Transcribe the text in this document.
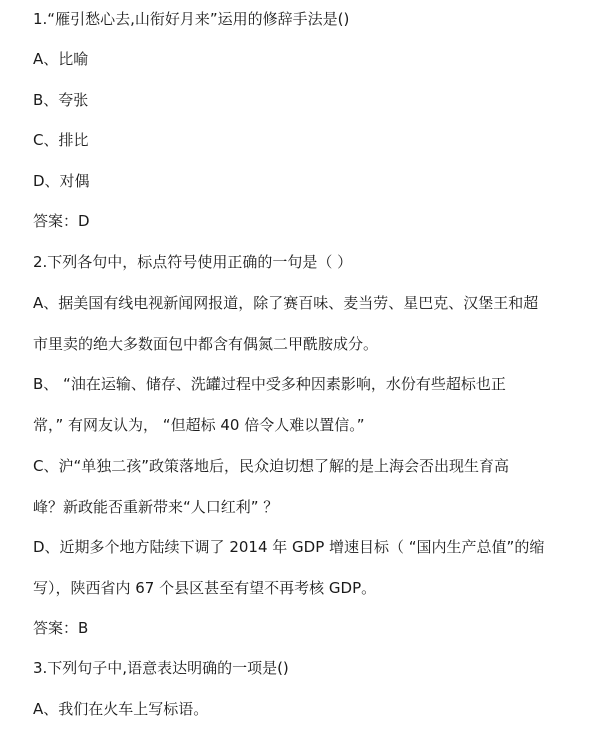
1.“雁引愁心去,山衔好月来”运用的修辞手法是()
A、比喻
B、夸张
C、排比
D、对偶
答案：D
2.下列各句中，标点符号使用正确的一句是（ ）
A、据美国有线电视新闻网报道，除了赛百味、麦当劳、星巴克、汉堡王和超
市里卖的绝大多数面包中都含有偶氮二甲酰胺成分。
B、 “油在运输、储存、洗罐过程中受多种因素影响，水份有些超标也正
常，” 有网友认为， “但超标 40 倍令人难以置信。”
C、沪“单独二孩”政策落地后，民众迫切想了解的是上海会否出现生育高
峰？新政能否重新带来“人口红利” ？
D、近期多个地方陆续下调了 2014 年 GDP 增速目标（ “国内生产总值”的缩
写），陕西省内 67 个县区甚至有望不再考核 GDP。
答案：B
3.下列句子中,语意表达明确的一项是()
A、我们在火车上写标语。
